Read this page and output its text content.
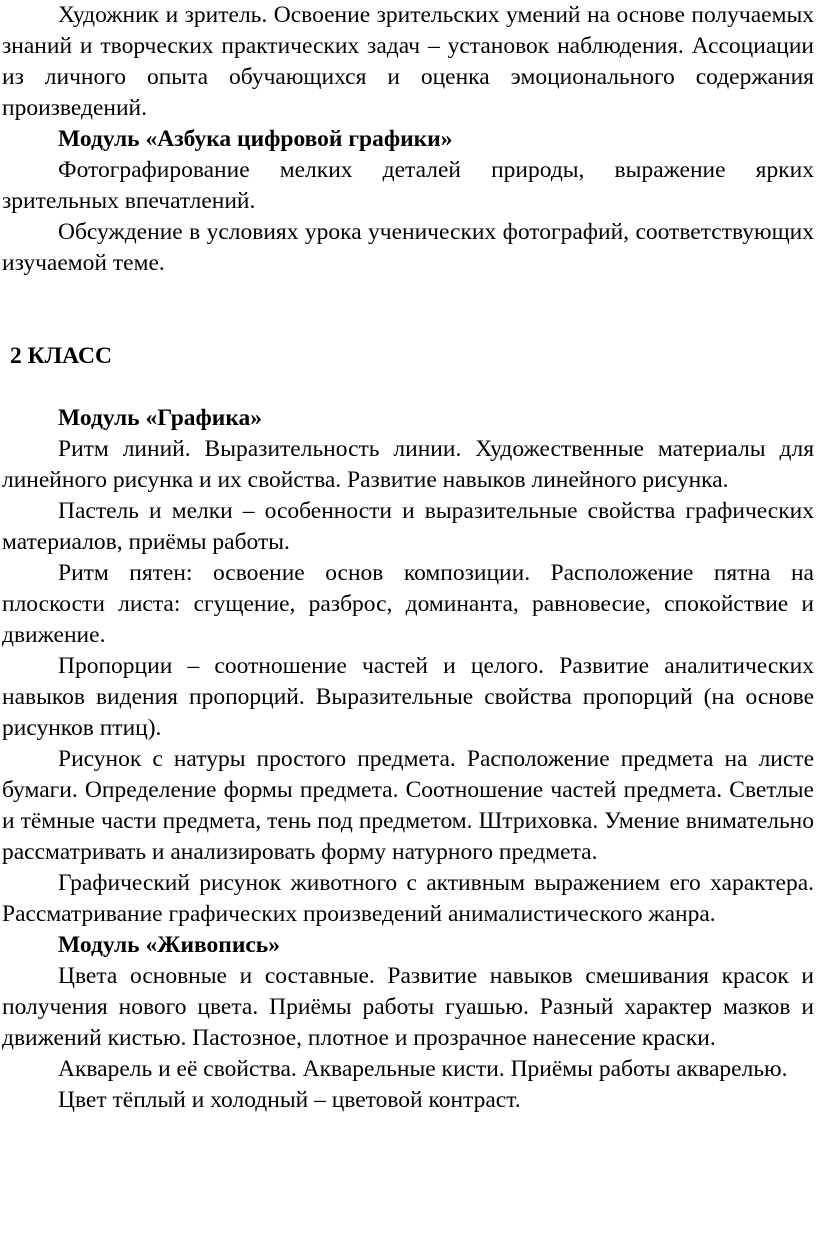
Художник и зритель. Освоение зрительских умений на основе получаемых знаний и творческих практических задач – установок наблюдения. Ассоциации из личного опыта обучающихся и оценка эмоционального содержания произведений.

Модуль «Азбука цифровой графики»

Фотографирование мелких деталей природы, выражение ярких зрительных впечатлений.

Обсуждение в условиях урока ученических фотографий, соответствующих изучаемой теме.

2 КЛАСС
Модуль «Графика»

Ритм линий. Выразительность линии. Художественные материалы для линейного рисунка и их свойства. Развитие навыков линейного рисунка.

Пастель и мелки – особенности и выразительные свойства графических материалов, приёмы работы.

Ритм пятен: освоение основ композиции. Расположение пятна на плоскости листа: сгущение, разброс, доминанта, равновесие, спокойствие и движение.

Пропорции – соотношение частей и целого. Развитие аналитических навыков видения пропорций. Выразительные свойства пропорций (на основе рисунков птиц).

Рисунок с натуры простого предмета. Расположение предмета на листе бумаги. Определение формы предмета. Соотношение частей предмета. Светлые и тёмные части предмета, тень под предметом. Штриховка. Умение внимательно рассматривать и анализировать форму натурного предмета.

Графический рисунок животного с активным выражением его характера. Рассматривание графических произведений анималистического жанра.

Модуль «Живопись»

Цвета основные и составные. Развитие навыков смешивания красок и получения нового цвета. Приёмы работы гуашью. Разный характер мазков и движений кистью. Пастозное, плотное и прозрачное нанесение краски.

Акварель и её свойства. Акварельные кисти. Приёмы работы акварелью.

Цвет тёплый и холодный – цветовой контраст.
